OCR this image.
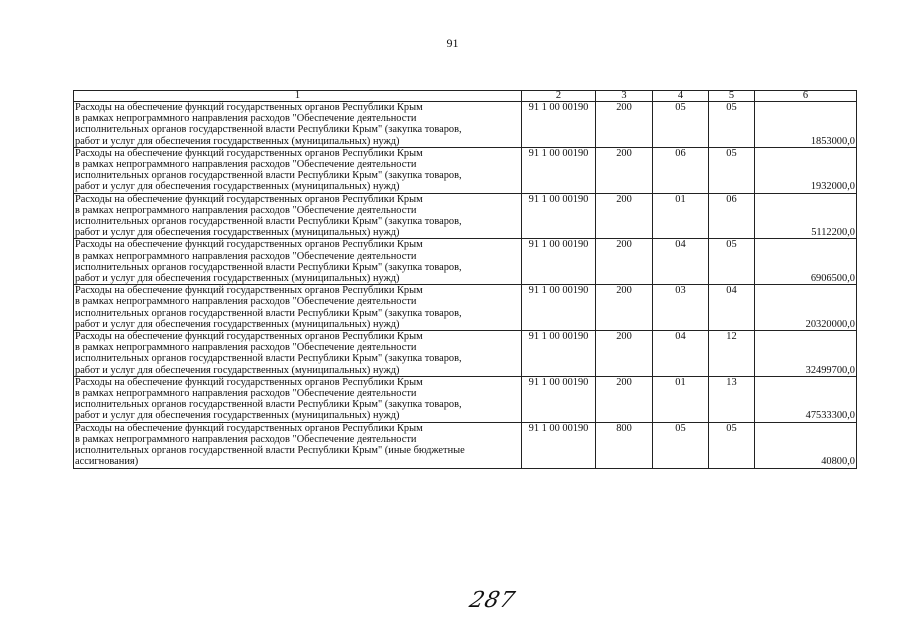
91
1	2	3	4	5	6

Расходы на обеспечение функций государственных органов Республики Крым
в рамках непрограммного направления расходов "Обеспечение деятельности
исполнительных органов государственной власти Республики Крым" (закупка товаров,
работ и услуг для обеспечения государственных (муниципальных) нужд)	91 1 00 00190	200	05	05	1853000,0

Расходы на обеспечение функций государственных органов Республики Крым
в рамках непрограммного направления расходов "Обеспечение деятельности
исполнительных органов государственной власти Республики Крым" (закупка товаров,
работ и услуг для обеспечения государственных (муниципальных) нужд)	91 1 00 00190	200	06	05	1932000,0

Расходы на обеспечение функций государственных органов Республики Крым
в рамках непрограммного направления расходов "Обеспечение деятельности
исполнительных органов государственной власти Республики Крым" (закупка товаров,
работ и услуг для обеспечения государственных (муниципальных) нужд)	91 1 00 00190	200	01	06	5112200,0

Расходы на обеспечение функций государственных органов Республики Крым
в рамках непрограммного направления расходов "Обеспечение деятельности
исполнительных органов государственной власти Республики Крым" (закупка товаров,
работ и услуг для обеспечения государственных (муниципальных) нужд)	91 1 00 00190	200	04	05	6906500,0

Расходы на обеспечение функций государственных органов Республики Крым
в рамках непрограммного направления расходов "Обеспечение деятельности
исполнительных органов государственной власти Республики Крым" (закупка товаров,
работ и услуг для обеспечения государственных (муниципальных) нужд)	91 1 00 00190	200	03	04	20320000,0

Расходы на обеспечение функций государственных органов Республики Крым
в рамках непрограммного направления расходов "Обеспечение деятельности
исполнительных органов государственной власти Республики Крым" (закупка товаров,
работ и услуг для обеспечения государственных (муниципальных) нужд)	91 1 00 00190	200	04	12	32499700,0

Расходы на обеспечение функций государственных органов Республики Крым
в рамках непрограммного направления расходов "Обеспечение деятельности
исполнительных органов государственной власти Республики Крым" (закупка товаров,
работ и услуг для обеспечения государственных (муниципальных) нужд)	91 1 00 00190	200	01	13	47533300,0

Расходы на обеспечение функций государственных органов Республики Крым
в рамках непрограммного направления расходов "Обеспечение деятельности
исполнительных органов государственной власти Республики Крым" (иные бюджетные
ассигнования)	91 1 00 00190	800	05	05	40800,0
287
